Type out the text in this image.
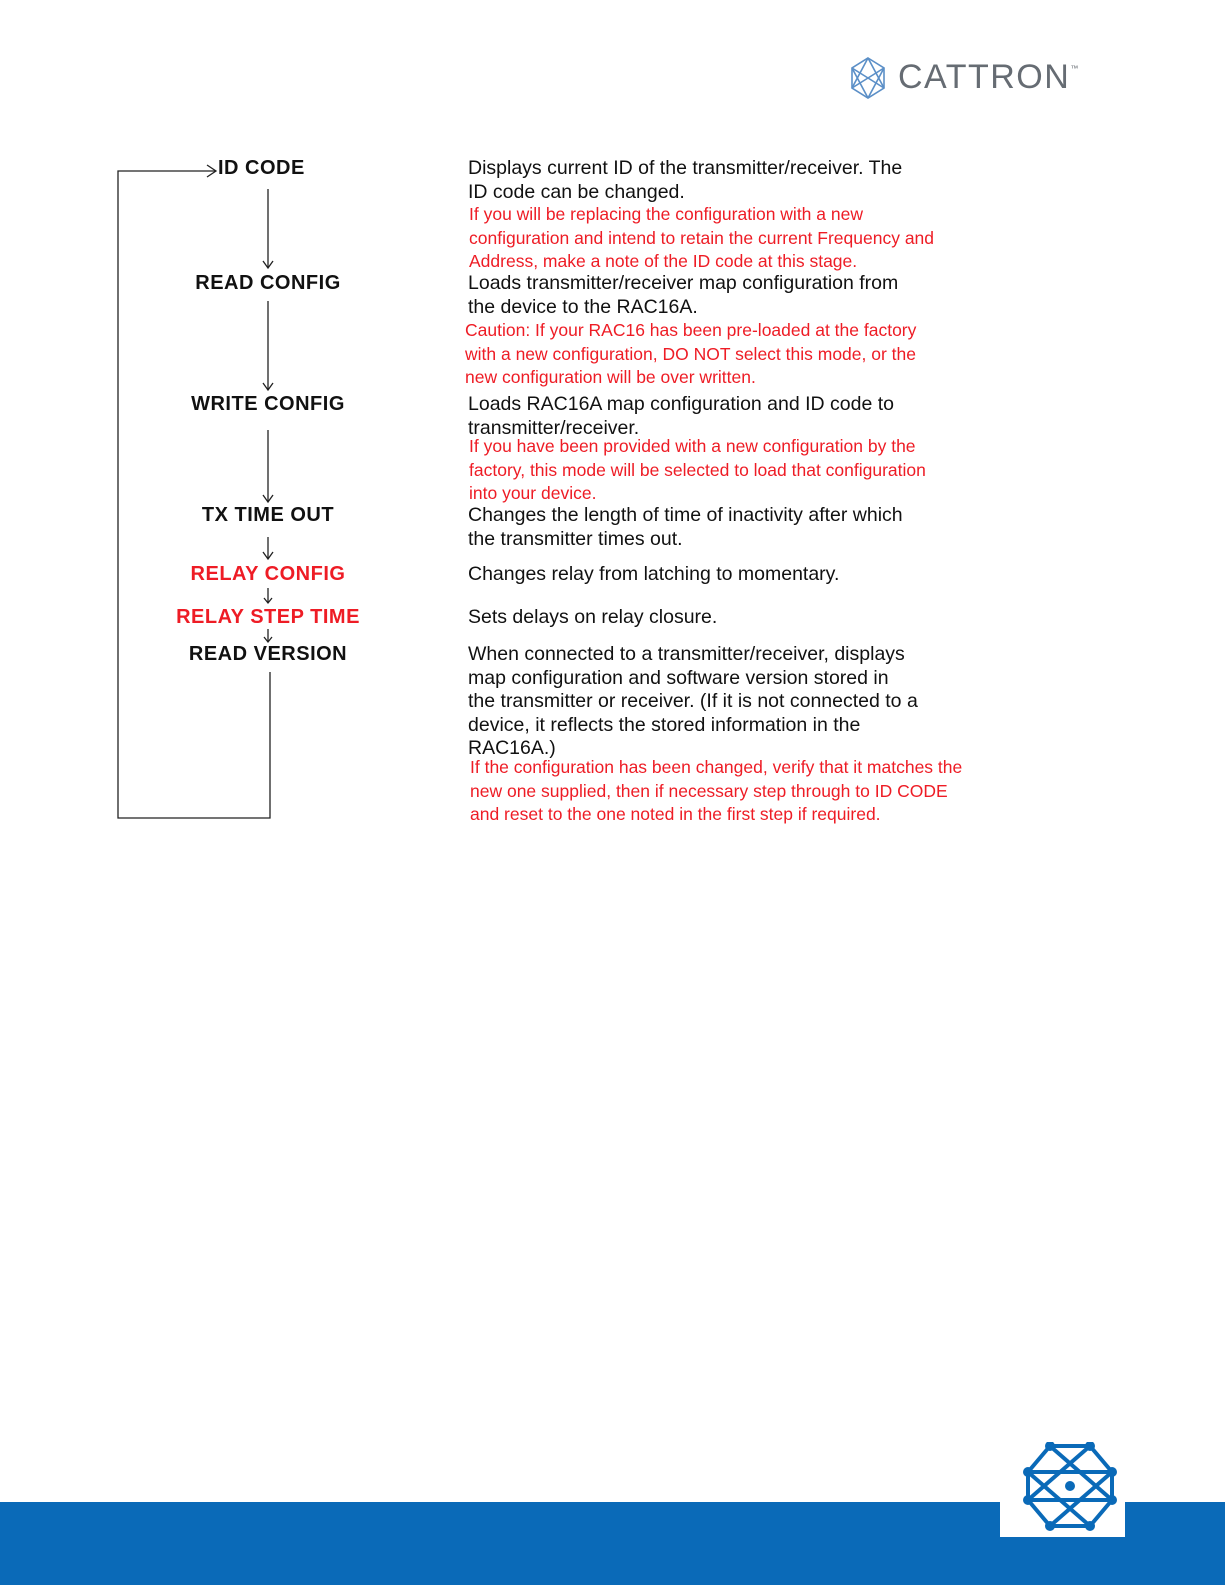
CATTRON™
ID CODE
READ CONFIG
WRITE CONFIG
TX TIME OUT
RELAY CONFIG
RELAY STEP TIME
READ VERSION
Displays current ID of the transmitter/receiver. The
ID code can be changed.
If you will be replacing the configuration with a new
configuration and intend to retain the current Frequency and
Address, make a note of the ID code at this stage.
Loads transmitter/receiver map configuration from
the device to the RAC16A.
Caution: If your RAC16 has been pre-loaded at the factory
with a new configuration, DO NOT select this mode, or the
new configuration will be over written.
Loads RAC16A map configuration and ID code to
transmitter/receiver.
If you have been provided with a new configuration by the
factory, this mode will be selected to load that configuration
into your device.
Changes the length of time of inactivity after which
the transmitter times out.
Changes relay from latching to momentary.
Sets delays on relay closure.
When connected to a transmitter/receiver, displays
map configuration and software version stored in
the transmitter or receiver. (If it is not connected to a
device, it reflects the stored information in the
RAC16A.)
If the configuration has been changed, verify that it matches the
new one supplied, then if necessary step through to ID CODE
and reset to the one noted in the first step if required.
